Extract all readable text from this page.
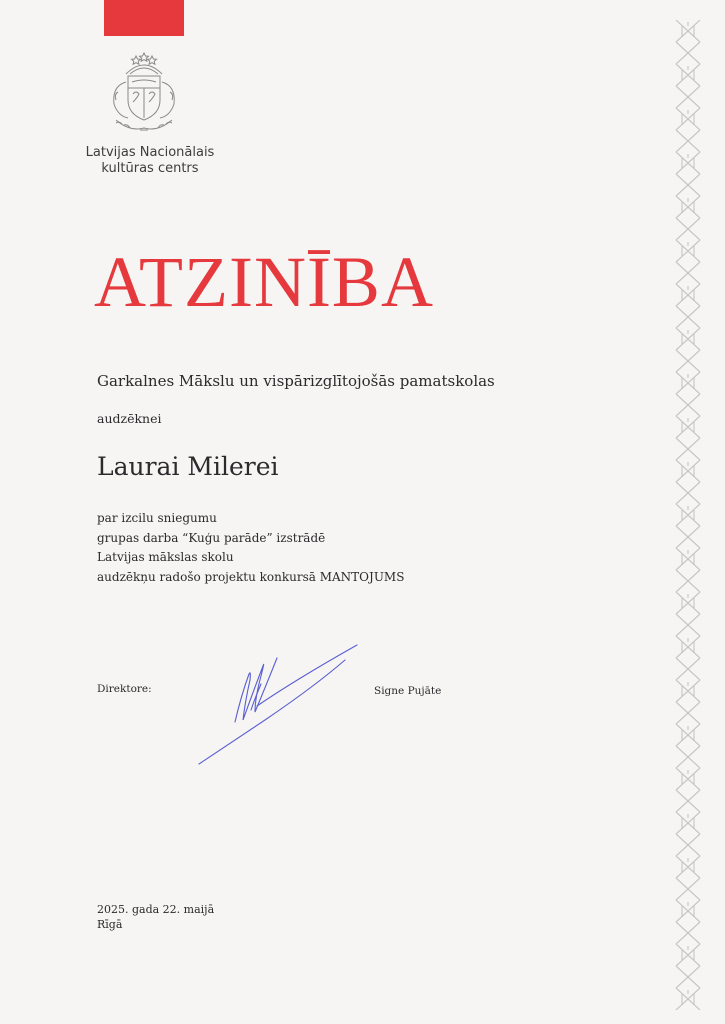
Latvijas Nacionālais
kultūras centrs
ATZINĪBA
Garkalnes Mākslu un vispārizglītojošās pamatskolas
audzēknei
Laurai Milerei
par izcilu sniegumu
grupas darba “Kuģu parāde” izstrādē
Latvijas mākslas skolu
audzēkņu radošo projektu konkursā MANTOJUMS
Direktore:	Signe Pujāte
2025. gada 22. maijā
Rīgā
